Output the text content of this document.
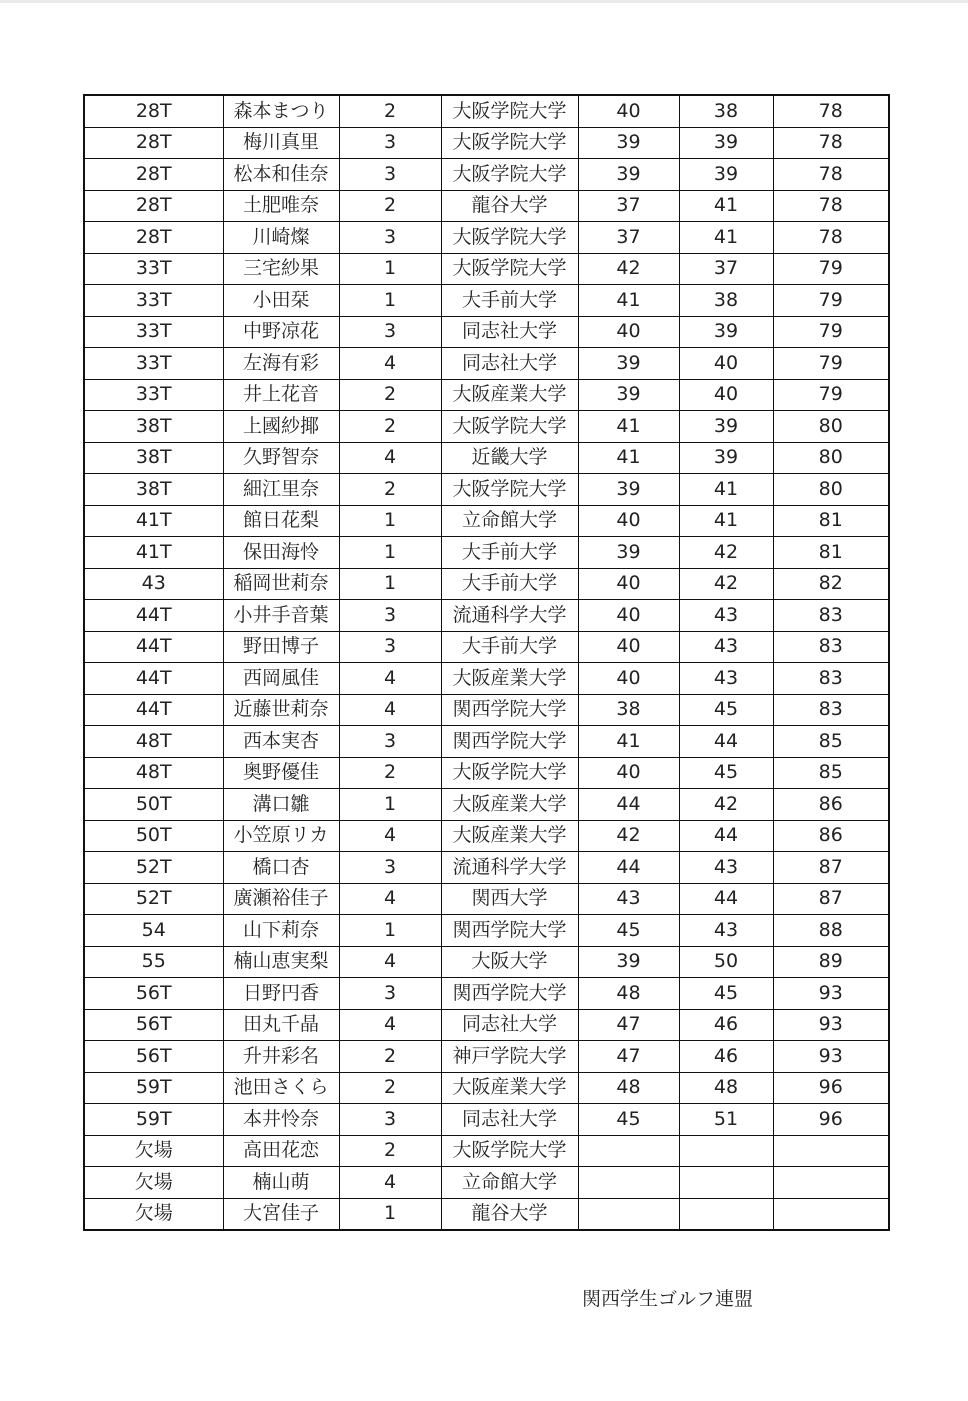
28T	森本まつり	2	大阪学院大学	40	38	78
28T	梅川真里	3	大阪学院大学	39	39	78
28T	松本和佳奈	3	大阪学院大学	39	39	78
28T	土肥唯奈	2	龍谷大学	37	41	78
28T	川崎燦	3	大阪学院大学	37	41	78
33T	三宅紗果	1	大阪学院大学	42	37	79
33T	小田栞	1	大手前大学	41	38	79
33T	中野凉花	3	同志社大学	40	39	79
33T	左海有彩	4	同志社大学	39	40	79
33T	井上花音	2	大阪産業大学	39	40	79
38T	上國紗揶	2	大阪学院大学	41	39	80
38T	久野智奈	4	近畿大学	41	39	80
38T	細江里奈	2	大阪学院大学	39	41	80
41T	館日花梨	1	立命館大学	40	41	81
41T	保田海怜	1	大手前大学	39	42	81
43	稲岡世莉奈	1	大手前大学	40	42	82
44T	小井手音葉	3	流通科学大学	40	43	83
44T	野田博子	3	大手前大学	40	43	83
44T	西岡風佳	4	大阪産業大学	40	43	83
44T	近藤世莉奈	4	関西学院大学	38	45	83
48T	西本実杏	3	関西学院大学	41	44	85
48T	奥野優佳	2	大阪学院大学	40	45	85
50T	溝口雛	1	大阪産業大学	44	42	86
50T	小笠原リカ	4	大阪産業大学	42	44	86
52T	橋口杏	3	流通科学大学	44	43	87
52T	廣瀬裕佳子	4	関西大学	43	44	87
54	山下莉奈	1	関西学院大学	45	43	88
55	楠山恵実梨	4	大阪大学	39	50	89
56T	日野円香	3	関西学院大学	48	45	93
56T	田丸千晶	4	同志社大学	47	46	93
56T	升井彩名	2	神戸学院大学	47	46	93
59T	池田さくら	2	大阪産業大学	48	48	96
59T	本井怜奈	3	同志社大学	45	51	96
欠場	高田花恋	2	大阪学院大学			
欠場	楠山萌	4	立命館大学			
欠場	大宮佳子	1	龍谷大学			
関西学生ゴルフ連盟
